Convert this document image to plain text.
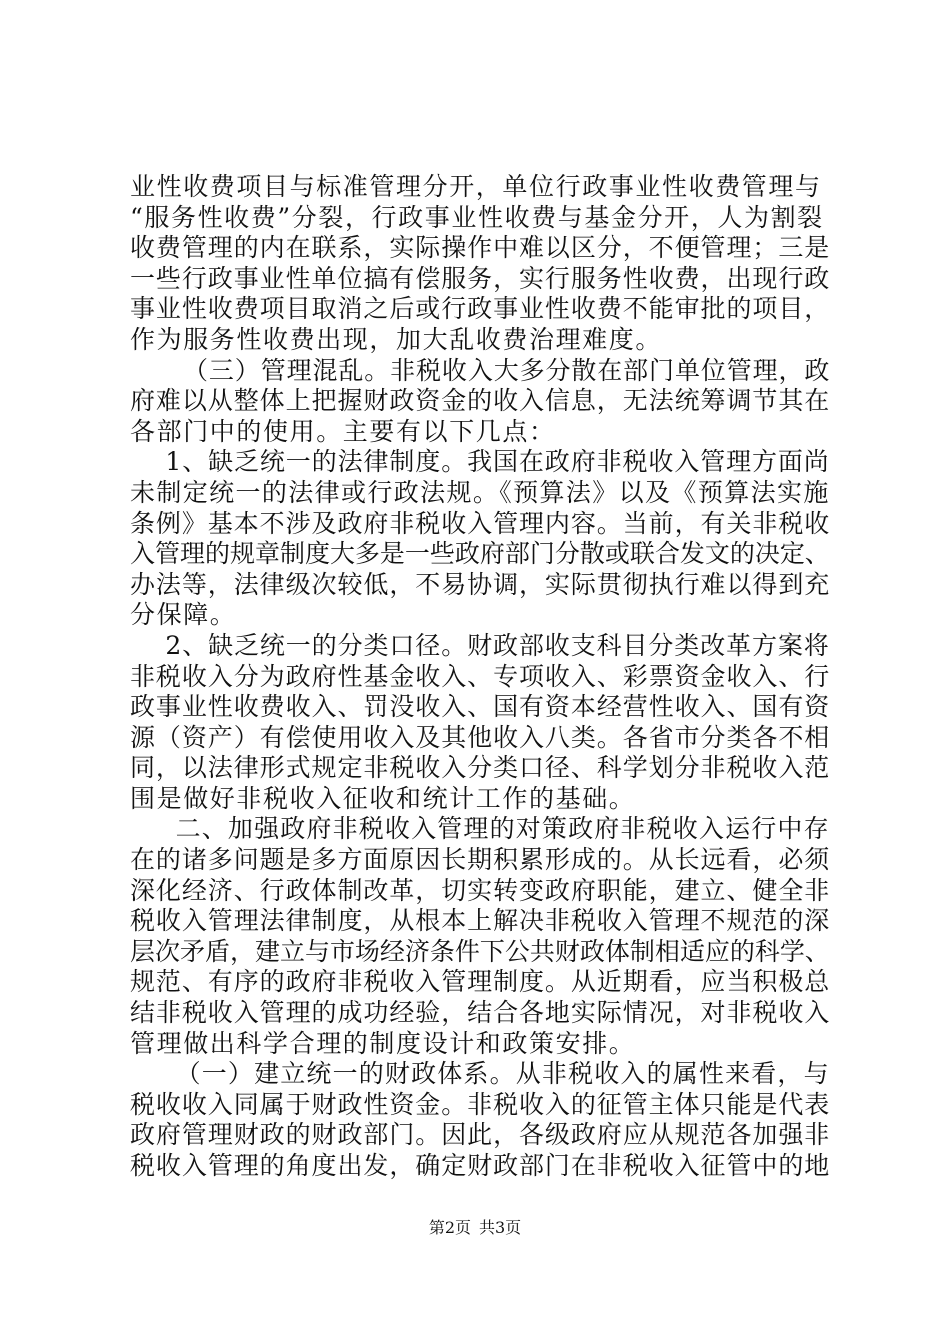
业性收费项目与标准管理分开，单位行政事业性收费管理与
“服务性收费”分裂，行政事业性收费与基金分开，人为割裂
收费管理的内在联系，实际操作中难以区分，不便管理；三是
一些行政事业性单位搞有偿服务，实行服务性收费，出现行政
事业性收费项目取消之后或行政事业性收费不能审批的项目，
作为服务性收费出现，加大乱收费治理难度。
（三）管理混乱。非税收入大多分散在部门单位管理，政
府难以从整体上把握财政资金的收入信息，无法统筹调节其在
各部门中的使用。主要有以下几点：
1、缺乏统一的法律制度。我国在政府非税收入管理方面尚
未制定统一的法律或行政法规。《预算法》以及《预算法实施
条例》基本不涉及政府非税收入管理内容。当前，有关非税收
入管理的规章制度大多是一些政府部门分散或联合发文的决定、
办法等，法律级次较低，不易协调，实际贯彻执行难以得到充
分保障。
2、缺乏统一的分类口径。财政部收支科目分类改革方案将
非税收入分为政府性基金收入、专项收入、彩票资金收入、行
政事业性收费收入、罚没收入、国有资本经营性收入、国有资
源（资产）有偿使用收入及其他收入八类。各省市分类各不相
同，以法律形式规定非税收入分类口径、科学划分非税收入范
围是做好非税收入征收和统计工作的基础。
二、加强政府非税收入管理的对策政府非税收入运行中存
在的诸多问题是多方面原因长期积累形成的。从长远看，必须
深化经济、行政体制改革，切实转变政府职能，建立、健全非
税收入管理法律制度，从根本上解决非税收入管理不规范的深
层次矛盾，建立与市场经济条件下公共财政体制相适应的科学、
规范、有序的政府非税收入管理制度。从近期看，应当积极总
结非税收入管理的成功经验，结合各地实际情况，对非税收入
管理做出科学合理的制度设计和政策安排。
（一）建立统一的财政体系。从非税收入的属性来看，与
税收收入同属于财政性资金。非税收入的征管主体只能是代表
政府管理财政的财政部门。因此，各级政府应从规范各加强非
税收入管理的角度出发，确定财政部门在非税收入征管中的地
第2页 共3页
